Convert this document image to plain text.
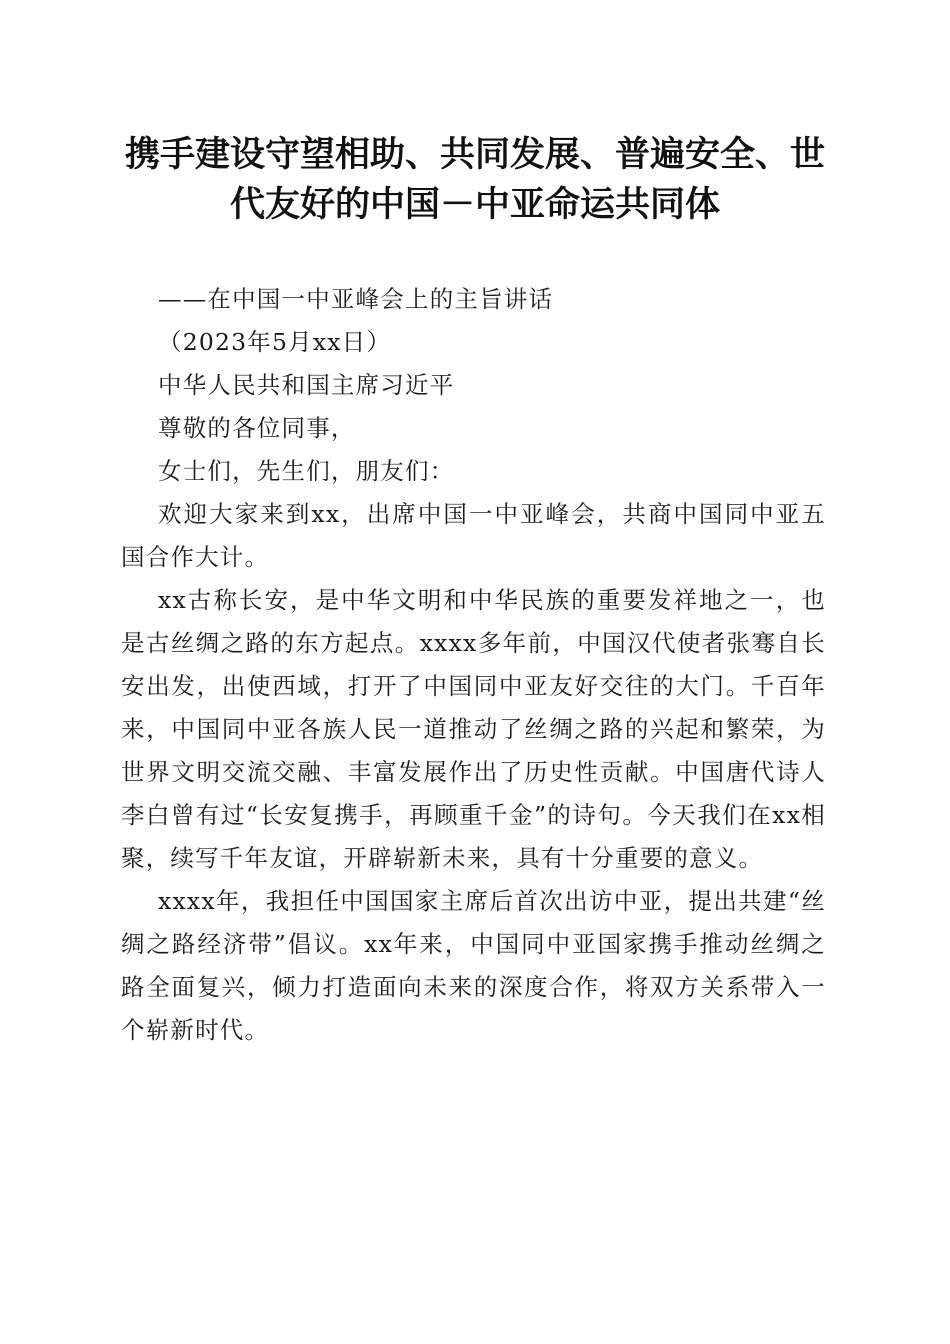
携手建设守望相助、共同发展、普遍安全、世代友好的中国－中亚命运共同体

——在中国一中亚峰会上的主旨讲话

（2023年5月xx日）

中华人民共和国主席习近平

尊敬的各位同事，

女士们，先生们，朋友们：

欢迎大家来到xx，出席中国一中亚峰会，共商中国同中亚五国合作大计。

xx古称长安，是中华文明和中华民族的重要发祥地之一，也是古丝绸之路的东方起点。xxxx多年前，中国汉代使者张骞自长安出发，出使西域，打开了中国同中亚友好交往的大门。千百年来，中国同中亚各族人民一道推动了丝绸之路的兴起和繁荣，为世界文明交流交融、丰富发展作出了历史性贡献。中国唐代诗人李白曾有过“长安复携手，再顾重千金”的诗句。今天我们在xx相聚，续写千年友谊，开辟崭新未来，具有十分重要的意义。

xxxx年，我担任中国国家主席后首次出访中亚，提出共建“丝绸之路经济带”倡议。xx年来，中国同中亚国家携手推动丝绸之路全面复兴，倾力打造面向未来的深度合作，将双方关系带入一个崭新时代。
